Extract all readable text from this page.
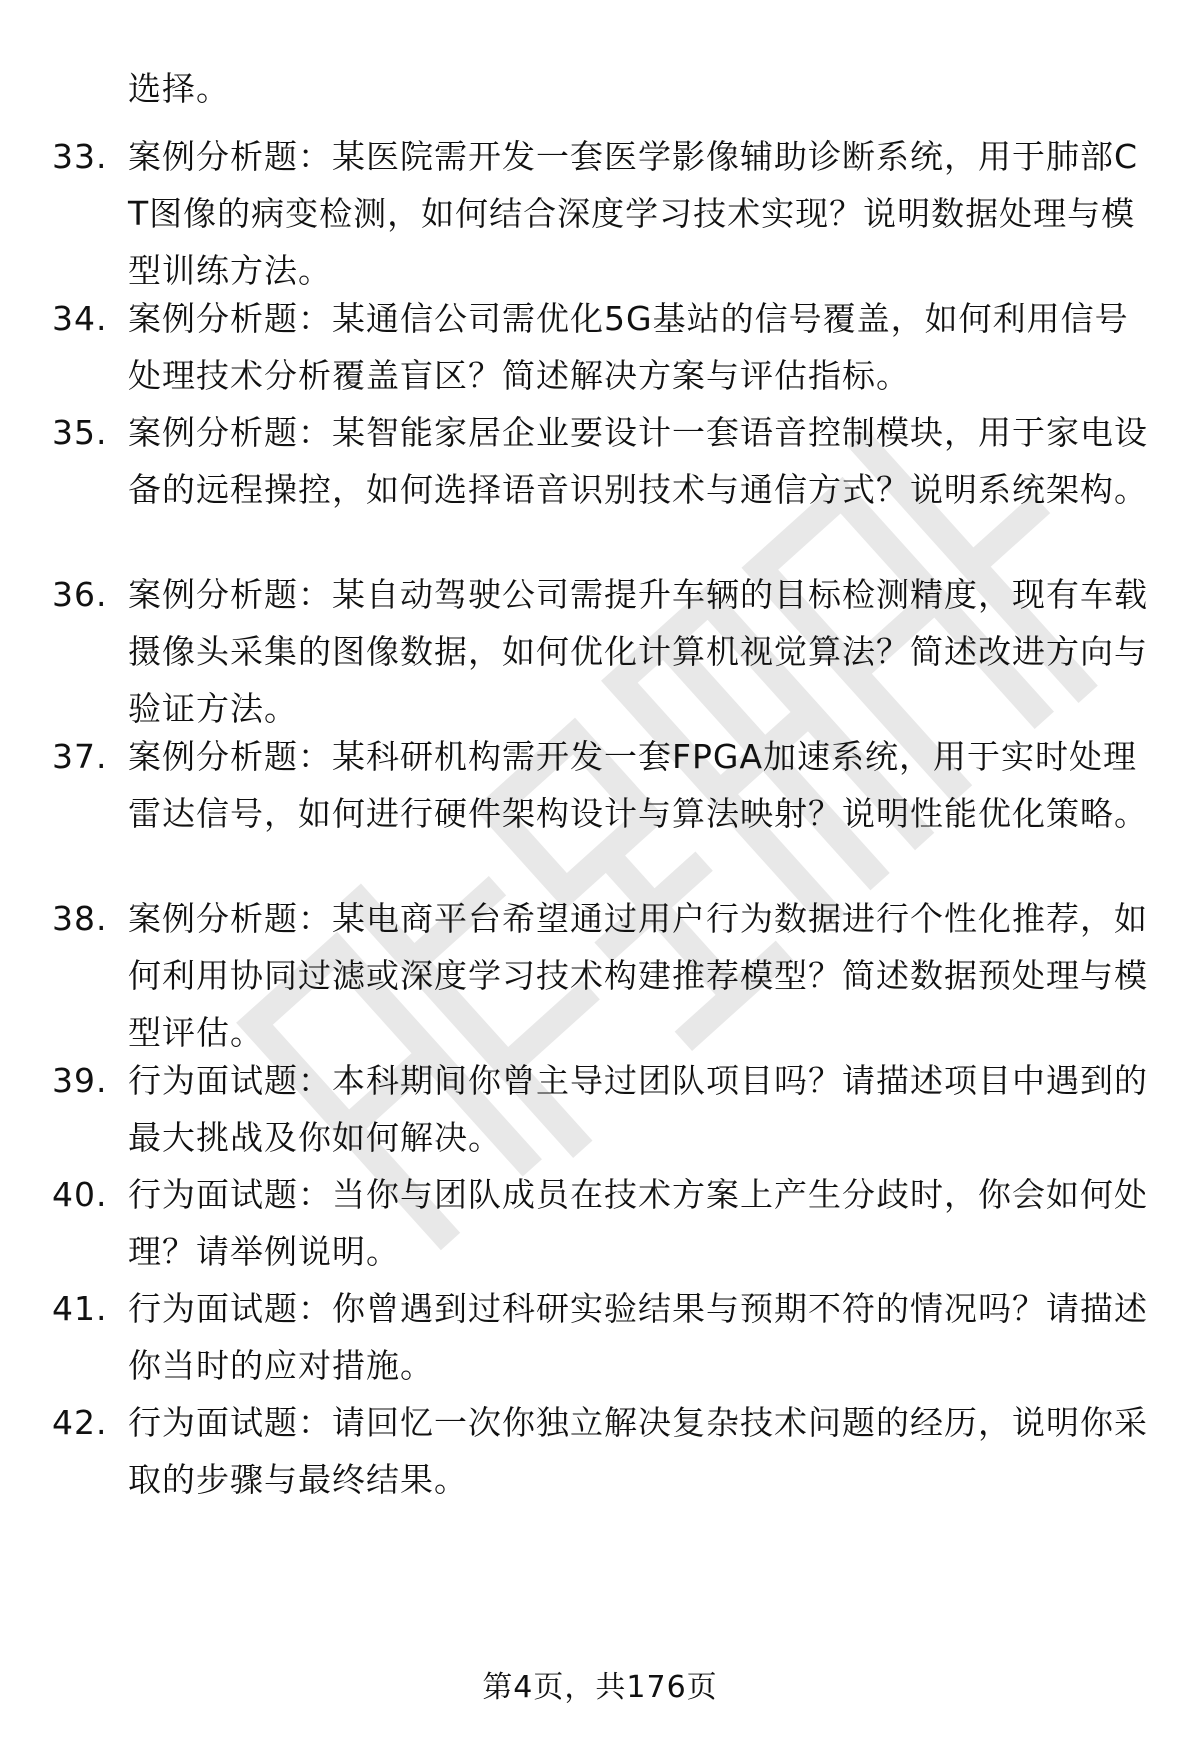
选择。
33. 案例分析题：某医院需开发一套医学影像辅助诊断系统，用于肺部CT图像的病变检测，如何结合深度学习技术实现？说明数据处理与模型训练方法。
34. 案例分析题：某通信公司需优化5G基站的信号覆盖，如何利用信号处理技术分析覆盖盲区？简述解决方案与评估指标。
35. 案例分析题：某智能家居企业要设计一套语音控制模块，用于家电设备的远程操控，如何选择语音识别技术与通信方式？说明系统架构。
36. 案例分析题：某自动驾驶公司需提升车辆的目标检测精度，现有车载摄像头采集的图像数据，如何优化计算机视觉算法？简述改进方向与验证方法。
37. 案例分析题：某科研机构需开发一套FPGA加速系统，用于实时处理雷达信号，如何进行硬件架构设计与算法映射？说明性能优化策略。
38. 案例分析题：某电商平台希望通过用户行为数据进行个性化推荐，如何利用协同过滤或深度学习技术构建推荐模型？简述数据预处理与模型评估。
39. 行为面试题：本科期间你曾主导过团队项目吗？请描述项目中遇到的最大挑战及你如何解决。
40. 行为面试题：当你与团队成员在技术方案上产生分歧时，你会如何处理？请举例说明。
41. 行为面试题：你曾遇到过科研实验结果与预期不符的情况吗？请描述你当时的应对措施。
42. 行为面试题：请回忆一次你独立解决复杂技术问题的经历，说明你采取的步骤与最终结果。
第4页，共176页
